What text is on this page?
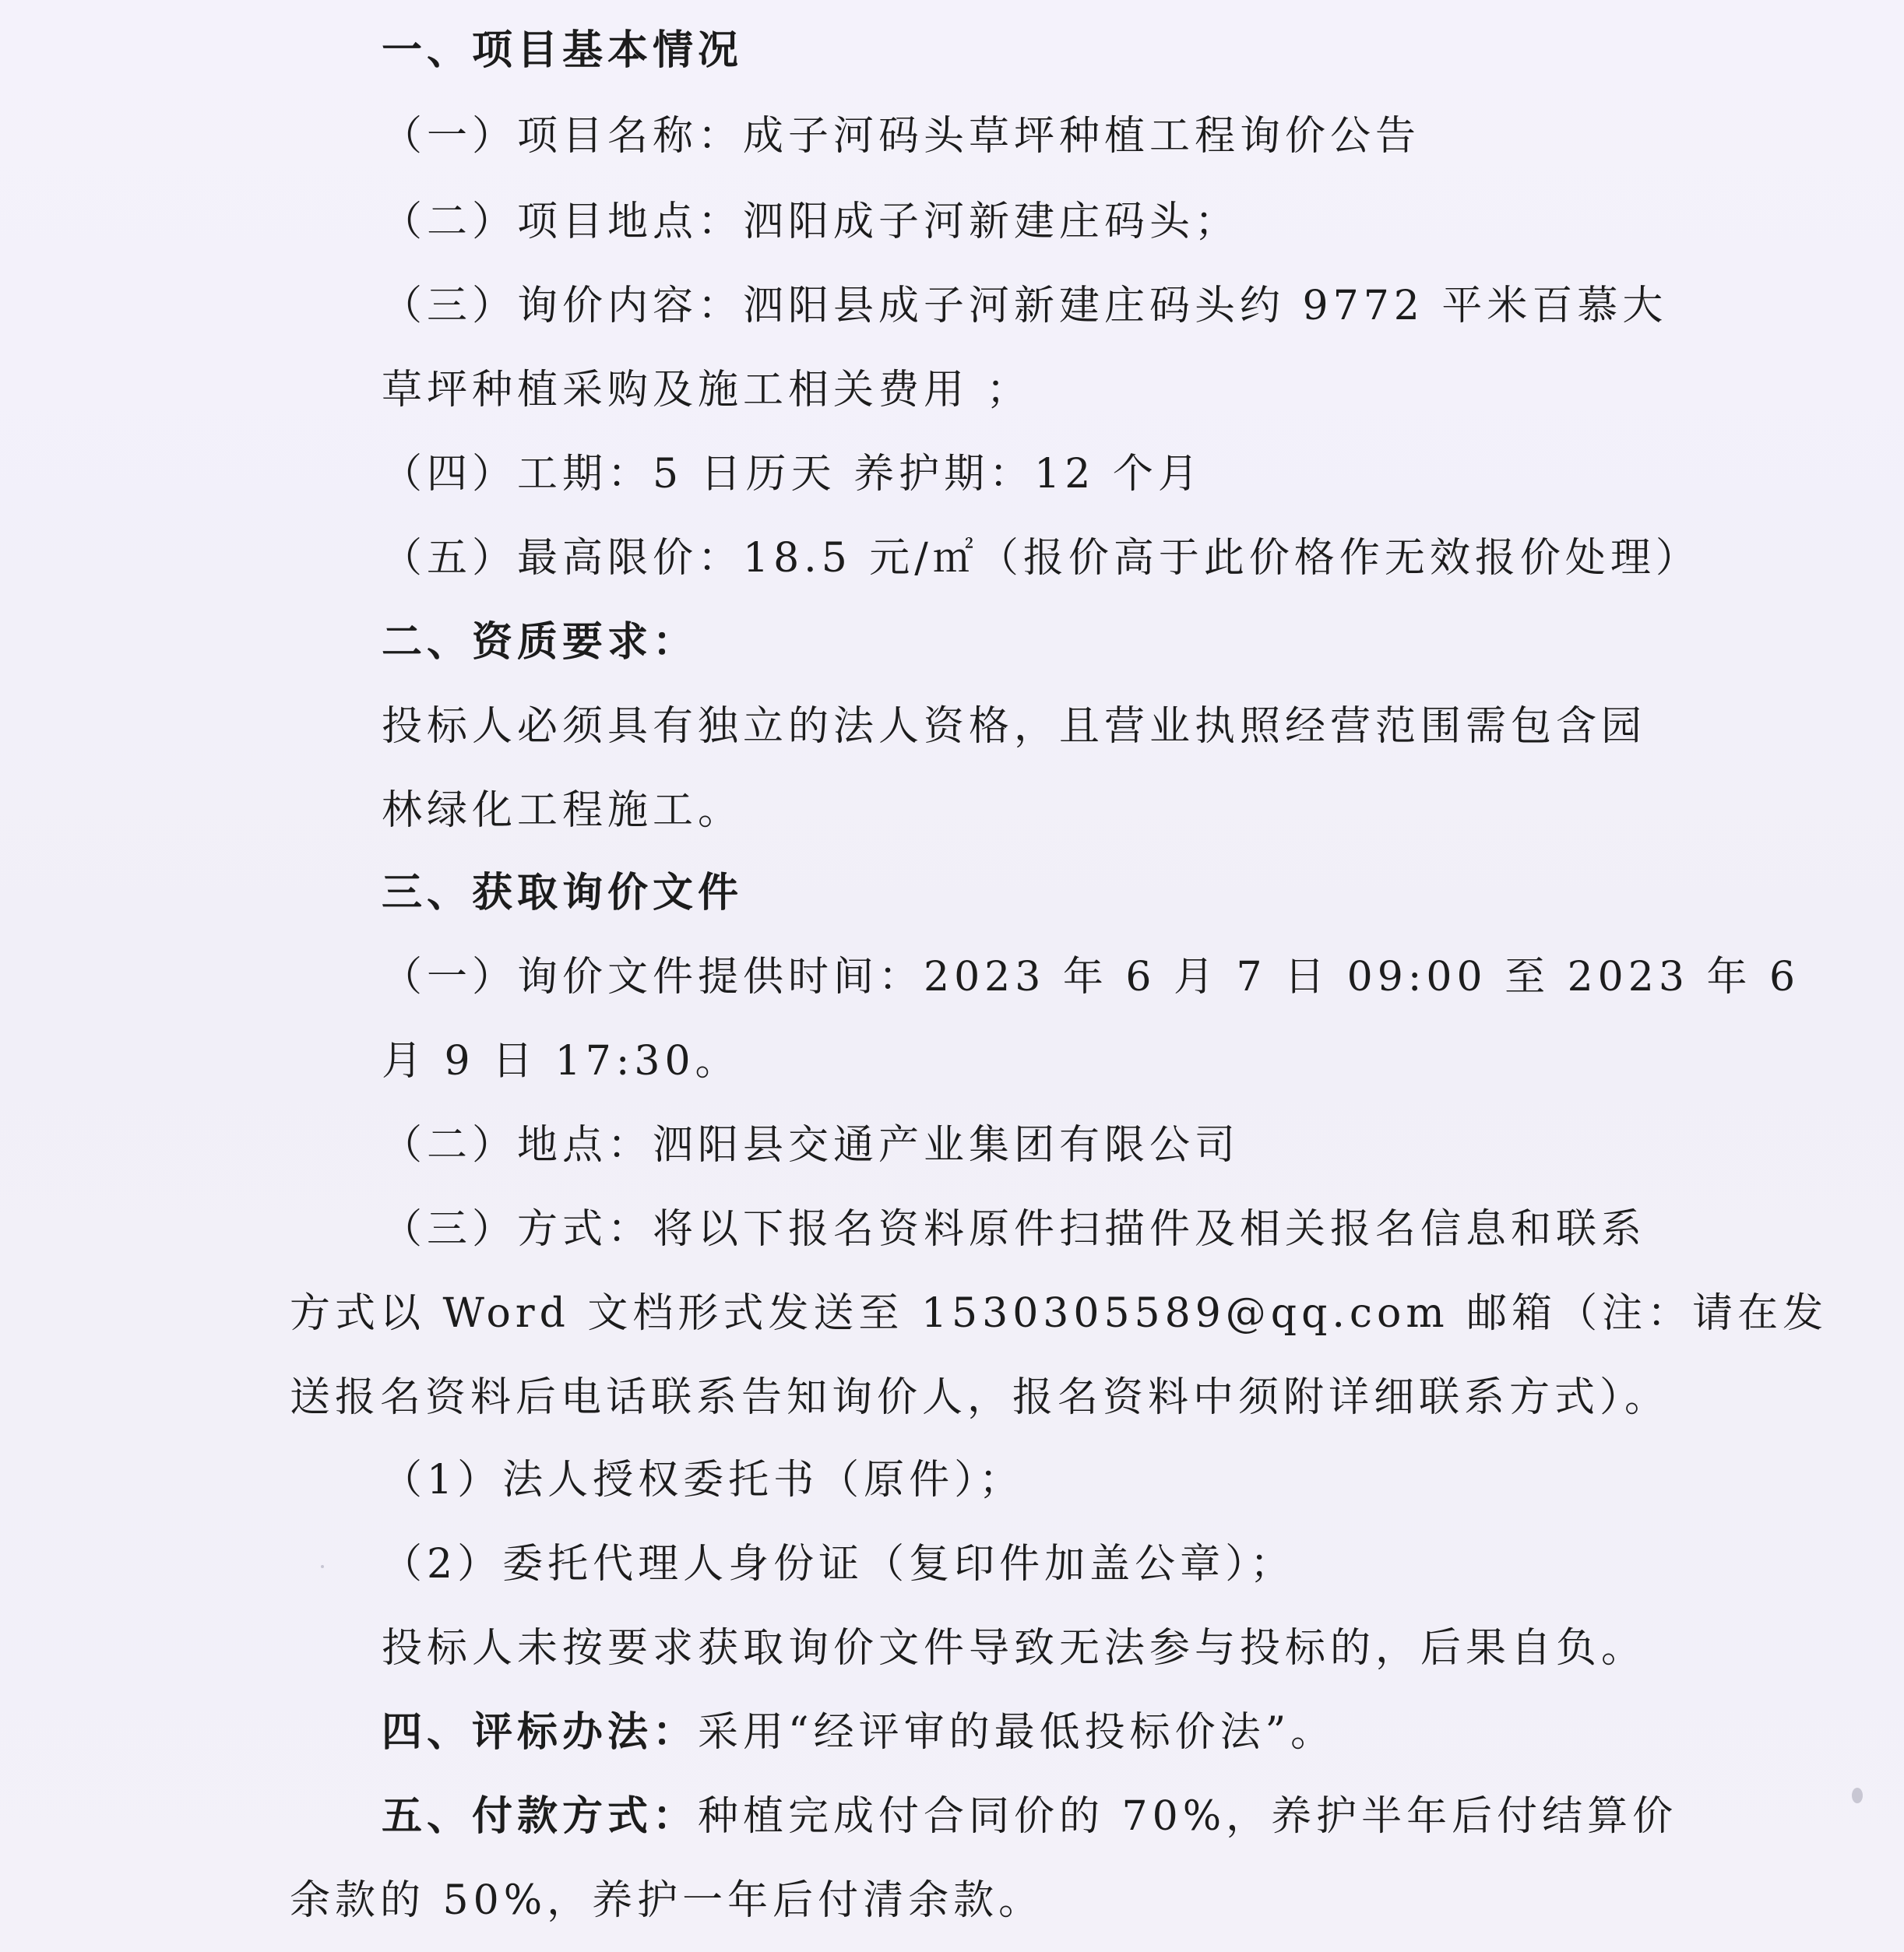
一、项目基本情况
（一）项目名称：成子河码头草坪种植工程询价公告
（二）项目地点：泗阳成子河新建庄码头；
（三）询价内容：泗阳县成子河新建庄码头约 9772 平米百慕大
草坪种植采购及施工相关费用 ；
（四）工期：5 日历天 养护期：12 个月
（五）最高限价：18.5 元/㎡（报价高于此价格作无效报价处理）
二、资质要求：
投标人必须具有独立的法人资格，且营业执照经营范围需包含园
林绿化工程施工。
三、获取询价文件
（一）询价文件提供时间：2023 年 6 月 7 日 09:00 至 2023 年 6
月 9 日 17:30。
（二）地点：泗阳县交通产业集团有限公司
（三）方式：将以下报名资料原件扫描件及相关报名信息和联系
方式以 Word 文档形式发送至 1530305589@qq.com 邮箱（注：请在发
送报名资料后电话联系告知询价人，报名资料中须附详细联系方式）。
（1）法人授权委托书（原件）；
（2）委托代理人身份证（复印件加盖公章）；
投标人未按要求获取询价文件导致无法参与投标的，后果自负。
四、评标办法：采用“经评审的最低投标价法”。
五、付款方式：种植完成付合同价的 70%，养护半年后付结算价
余款的 50%，养护一年后付清余款。
